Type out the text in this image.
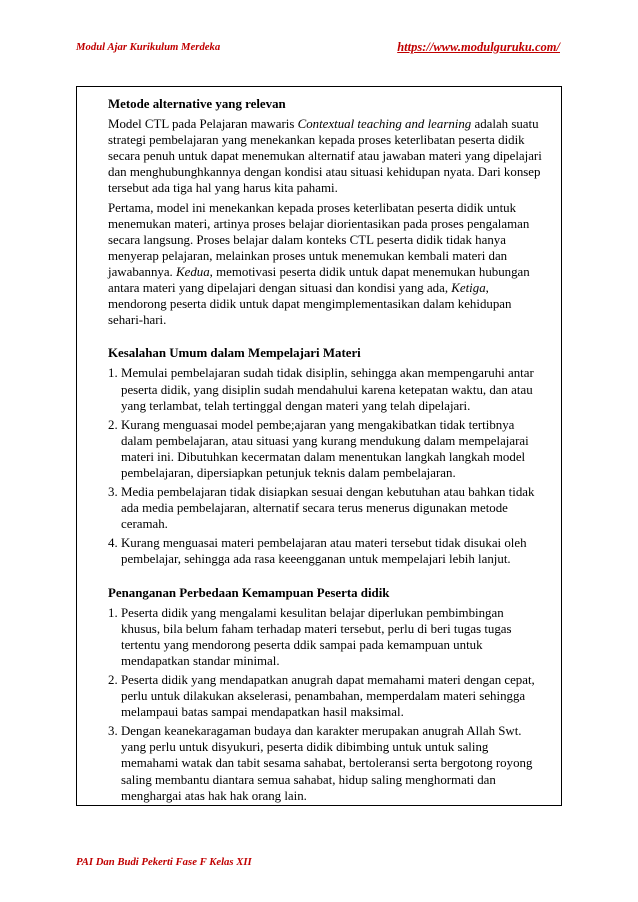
Modul Ajar Kurikulum Merdeka	https://www.modulguruku.com/
Metode alternative yang relevan
Model CTL pada Pelajaran mawaris Contextual teaching and learning adalah suatu
strategi pembelajaran yang menekankan kepada proses keterlibatan peserta didik
secara penuh untuk dapat menemukan alternatif atau jawaban materi yang dipelajari
dan menghubunghkannya dengan kondisi atau situasi kehidupan nyata. Dari konsep
tersebut ada tiga hal yang harus kita pahami.
Pertama, model ini menekankan kepada proses keterlibatan peserta didik untuk
menemukan materi, artinya proses belajar diorientasikan pada proses pengalaman
secara langsung. Proses belajar dalam konteks CTL peserta didik tidak hanya
menyerap pelajaran, melainkan proses untuk menemukan kembali materi dan
jawabannya. Kedua, memotivasi peserta didik untuk dapat menemukan hubungan
antara materi yang dipelajari dengan situasi dan kondisi yang ada, Ketiga,
mendorong peserta didik untuk dapat mengimplementasikan dalam kehidupan
sehari-hari.
Kesalahan Umum dalam Mempelajari Materi
1. Memulai pembelajaran sudah tidak disiplin, sehingga akan mempengaruhi antar
peserta didik, yang disiplin sudah mendahului karena ketepatan waktu, dan atau
yang terlambat, telah tertinggal dengan materi yang telah dipelajari.
2. Kurang menguasai model pembe;ajaran yang mengakibatkan tidak tertibnya
dalam pembelajaran, atau situasi yang kurang mendukung dalam mempelajarai
materi ini. Dibutuhkan kecermatan dalam menentukan langkah langkah model
pembelajaran, dipersiapkan petunjuk teknis dalam pembelajaran.
3. Media pembelajaran tidak disiapkan sesuai dengan kebutuhan atau bahkan tidak
ada media pembelajaran, alternatif secara terus menerus digunakan metode
ceramah.
4. Kurang menguasai materi pembelajaran atau materi tersebut tidak disukai oleh
pembelajar, sehingga ada rasa keeengganan untuk mempelajari lebih lanjut.
Penanganan Perbedaan Kemampuan Peserta didik
1. Peserta didik yang mengalami kesulitan belajar diperlukan pembimbingan
khusus, bila belum faham terhadap materi tersebut, perlu di beri tugas tugas
tertentu yang mendorong peserta ddik sampai pada kemampuan untuk
mendapatkan standar minimal.
2. Peserta didik yang mendapatkan anugrah dapat memahami materi dengan cepat,
perlu untuk dilakukan akselerasi, penambahan, memperdalam materi sehingga
melampaui batas sampai mendapatkan hasil maksimal.
3. Dengan keanekaragaman budaya dan karakter merupakan anugrah Allah Swt.
yang perlu untuk disyukuri, peserta didik dibimbing untuk untuk saling
memahami watak dan tabit sesama sahabat, bertoleransi serta bergotong royong
saling membantu diantara semua sahabat, hidup saling menghormati dan
menghargai atas hak hak orang lain.
PAI Dan Budi Pekerti Fase F Kelas XII
